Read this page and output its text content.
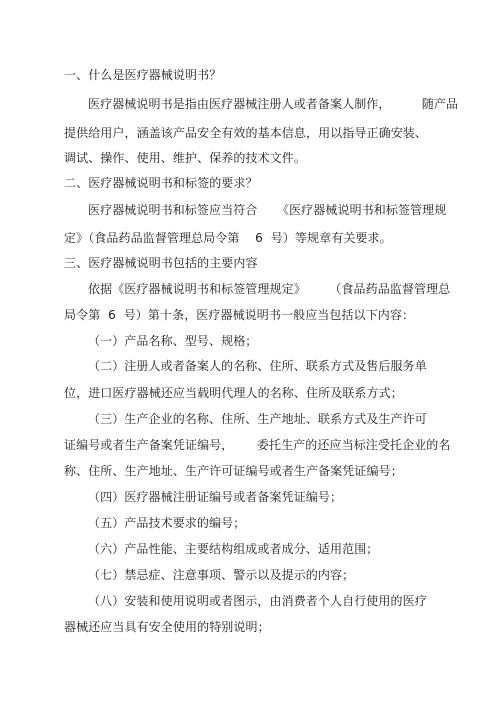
一、什么是医疗器械说明书？
医疗器械说明书是指由医疗器械注册人或者备案人制作，        随产品
提供给用户，涵盖该产品安全有效的基本信息，用以指导正确安装、
调试、操作、使用、维护、保养的技术文件。
二、医疗器械说明书和标签的要求？
医疗器械说明书和标签应当符合     《医疗器械说明书和标签管理规
定》（食品药品监督管理总局令第    6  号）等规章有关要求。
三、医疗器械说明书包括的主要内容
依据《医疗器械说明书和标签管理规定》      （食品药品监督管理总
局令第  6  号）第十条，医疗器械说明书一般应当包括以下内容：
（一）产品名称、型号、规格；
（二）注册人或者备案人的名称、住所、联系方式及售后服务单
位，进口医疗器械还应当载明代理人的名称、住所及联系方式；
（三）生产企业的名称、住所、生产地址、联系方式及生产许可
证编号或者生产备案凭证编号，      委托生产的还应当标注受托企业的名
称、住所、生产地址、生产许可证编号或者生产备案凭证编号；
（四）医疗器械注册证编号或者备案凭证编号；
（五）产品技术要求的编号；
（六）产品性能、主要结构组成或者成分、适用范围；
（七）禁忌症、注意事项、警示以及提示的内容；
（八）安装和使用说明或者图示，由消费者个人自行使用的医疗
器械还应当具有安全使用的特别说明；
